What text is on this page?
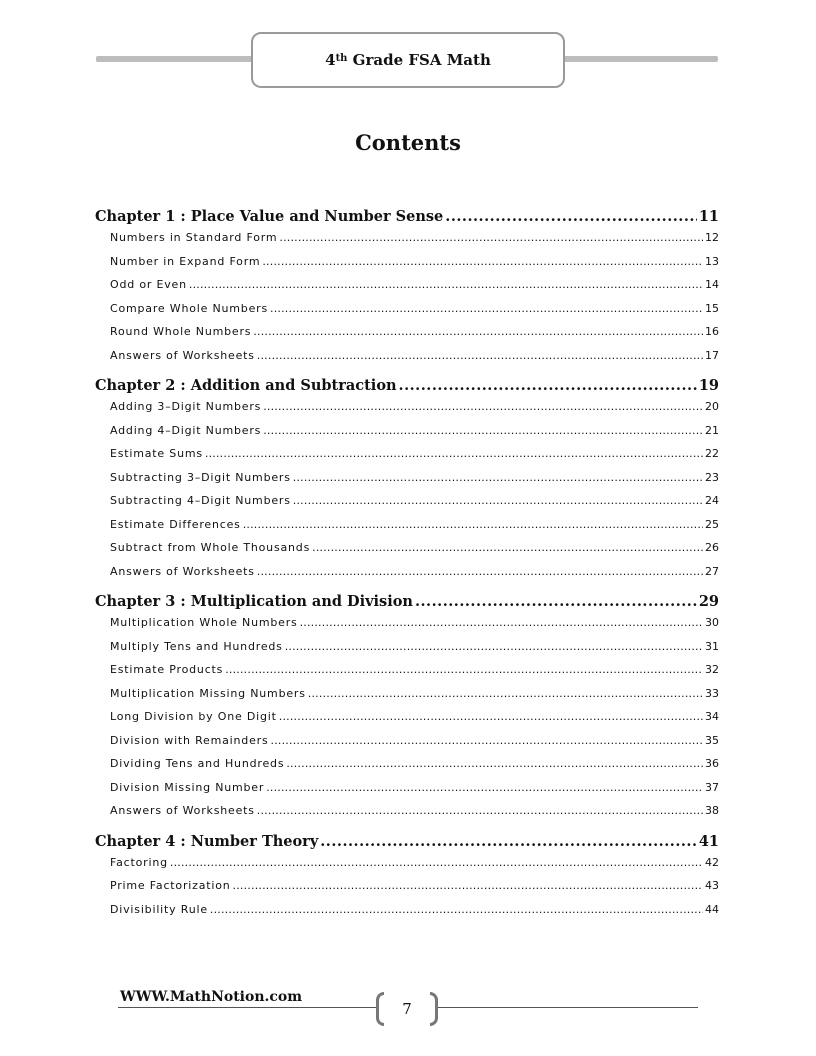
4th Grade FSA Math
Contents
Chapter 1 : Place Value and Number Sense .....	11
Numbers in Standard Form .....	12
Number in Expand Form .....	13
Odd or Even .....	14
Compare Whole Numbers .....	15
Round Whole Numbers .....	16
Answers of Worksheets .....	17
Chapter 2 : Addition and Subtraction .....	19
Adding 3–Digit Numbers .....	20
Adding 4–Digit Numbers .....	21
Estimate Sums .....	22
Subtracting 3–Digit Numbers .....	23
Subtracting 4–Digit Numbers .....	24
Estimate Differences .....	25
Subtract from Whole Thousands .....	26
Answers of Worksheets .....	27
Chapter 3 : Multiplication and Division .....	29
Multiplication Whole Numbers .....	30
Multiply Tens and Hundreds .....	31
Estimate Products .....	32
Multiplication Missing Numbers .....	33
Long Division by One Digit .....	34
Division with Remainders .....	35
Dividing Tens and Hundreds .....	36
Division Missing Number .....	37
Answers of Worksheets .....	38
Chapter 4 : Number Theory .....	41
Factoring .....	42
Prime Factorization .....	43
Divisibility Rule .....	44
WWW.MathNotion.com
7
